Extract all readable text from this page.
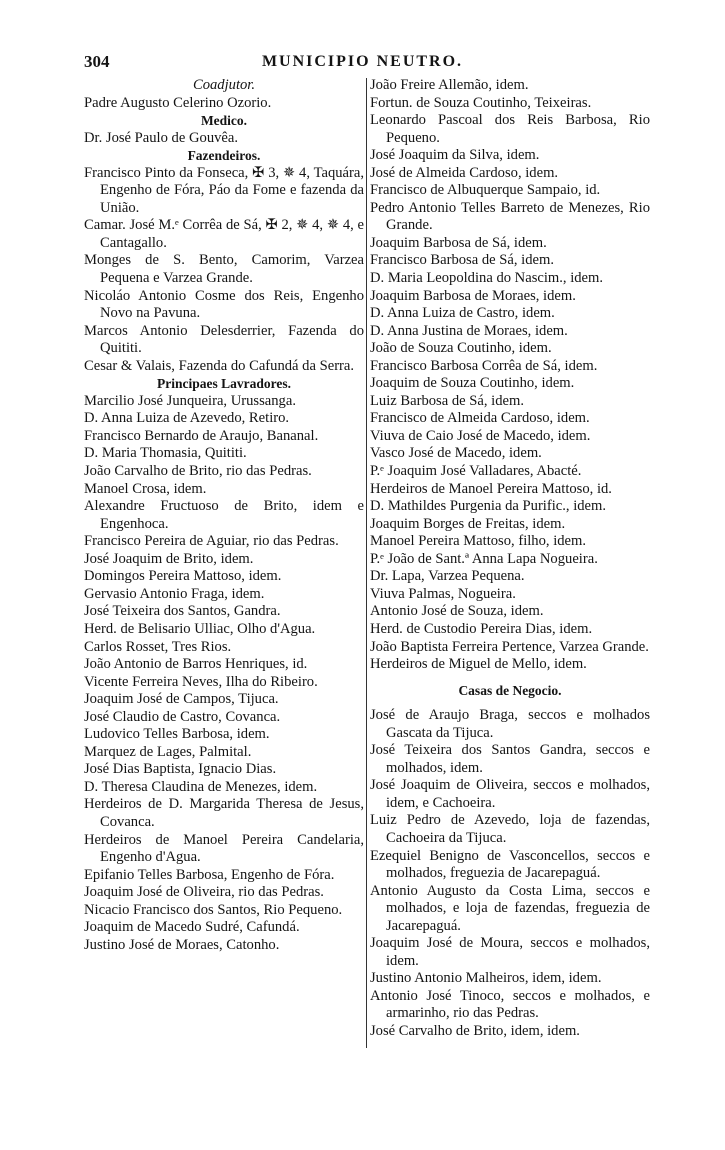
304	MUNICIPIO NEUTRO.

Coadjutor.

Padre Augusto Celerino Ozorio.

Medico.

Dr. José Paulo de Gouvêa.

Fazendeiros.

Francisco Pinto da Fonseca, ✠ 3, ✵ 4, Taquára, Engenho de Fóra, Páo da Fome e fazenda da União.

Camar. José M.ᵉ Corrêa de Sá, ✠ 2, ✵ 4, ✵ 4, e Cantagallo.

Monges de S. Bento, Camorim, Varzea Pequena e Varzea Grande.

Nicoláo Antonio Cosme dos Reis, Engenho Novo na Pavuna.

Marcos Antonio Delesderrier, Fazenda do Quititi.

Cesar & Valais, Fazenda do Cafundá da Serra.

Principaes Lavradores.

Marcilio José Junqueira, Urussanga.

D. Anna Luiza de Azevedo, Retiro.

Francisco Bernardo de Araujo, Bananal.

D. Maria Thomasia, Quititi.

João Carvalho de Brito, rio das Pedras.

Manoel Crosa, idem.

Alexandre Fructuoso de Brito, idem e Engenhoca.

Francisco Pereira de Aguiar, rio das Pedras.

José Joaquim de Brito, idem.

Domingos Pereira Mattoso, idem.

Gervasio Antonio Fraga, idem.

José Teixeira dos Santos, Gandra.

Herd. de Belisario Ulliac, Olho d'Agua.

Carlos Rosset, Tres Rios.

João Antonio de Barros Henriques, id.

Vicente Ferreira Neves, Ilha do Ribeiro.

Joaquim José de Campos, Tijuca.

José Claudio de Castro, Covanca.

Ludovico Telles Barbosa, idem.

Marquez de Lages, Palmital.

José Dias Baptista, Ignacio Dias.

D. Theresa Claudina de Menezes, idem.

Herdeiros de D. Margarida Theresa de Jesus, Covanca.

Herdeiros de Manoel Pereira Candelaria, Engenho d'Agua.

Epifanio Telles Barbosa, Engenho de Fóra.

Joaquim José de Oliveira, rio das Pedras.

Nicacio Francisco dos Santos, Rio Pequeno.

Joaquim de Macedo Sudré, Cafundá.

Justino José de Moraes, Catonho.

João Freire Allemão, idem.

Fortun. de Souza Coutinho, Teixeiras.

Leonardo Pascoal dos Reis Barbosa, Rio Pequeno.

José Joaquim da Silva, idem.

José de Almeida Cardoso, idem.

Francisco de Albuquerque Sampaio, id.

Pedro Antonio Telles Barreto de Menezes, Rio Grande.

Joaquim Barbosa de Sá, idem.

Francisco Barbosa de Sá, idem.

D. Maria Leopoldina do Nascim., idem.

Joaquim Barbosa de Moraes, idem.

D. Anna Luiza de Castro, idem.

D. Anna Justina de Moraes, idem.

João de Souza Coutinho, idem.

Francisco Barbosa Corrêa de Sá, idem.

Joaquim de Souza Coutinho, idem.

Luiz Barbosa de Sá, idem.

Francisco de Almeida Cardoso, idem.

Viuva de Caio José de Macedo, idem.

Vasco José de Macedo, idem.

P.ᵉ Joaquim José Valladares, Abacté.

Herdeiros de Manoel Pereira Mattoso, id.

D. Mathildes Purgenia da Purific., idem.

Joaquim Borges de Freitas, idem.

Manoel Pereira Mattoso, filho, idem.

P.ᵉ João de Sant.ª Anna Lapa Nogueira.

Dr. Lapa, Varzea Pequena.

Viuva Palmas, Nogueira.

Antonio José de Souza, idem.

Herd. de Custodio Pereira Dias, idem.

João Baptista Ferreira Pertence, Varzea Grande.

Herdeiros de Miguel de Mello, idem.

Casas de Negocio.

José de Araujo Braga, seccos e molhados Gascata da Tijuca.

José Teixeira dos Santos Gandra, seccos e molhados, idem.

José Joaquim de Oliveira, seccos e molhados, idem, e Cachoeira.

Luiz Pedro de Azevedo, loja de fazendas, Cachoeira da Tijuca.

Ezequiel Benigno de Vasconcellos, seccos e molhados, freguezia de Jacarepaguá.

Antonio Augusto da Costa Lima, seccos e molhados, e loja de fazendas, freguezia de Jacarepaguá.

Joaquim José de Moura, seccos e molhados, idem.

Justino Antonio Malheiros, idem, idem.

Antonio José Tinoco, seccos e molhados, e armarinho, rio das Pedras.

José Carvalho de Brito, idem, idem.
